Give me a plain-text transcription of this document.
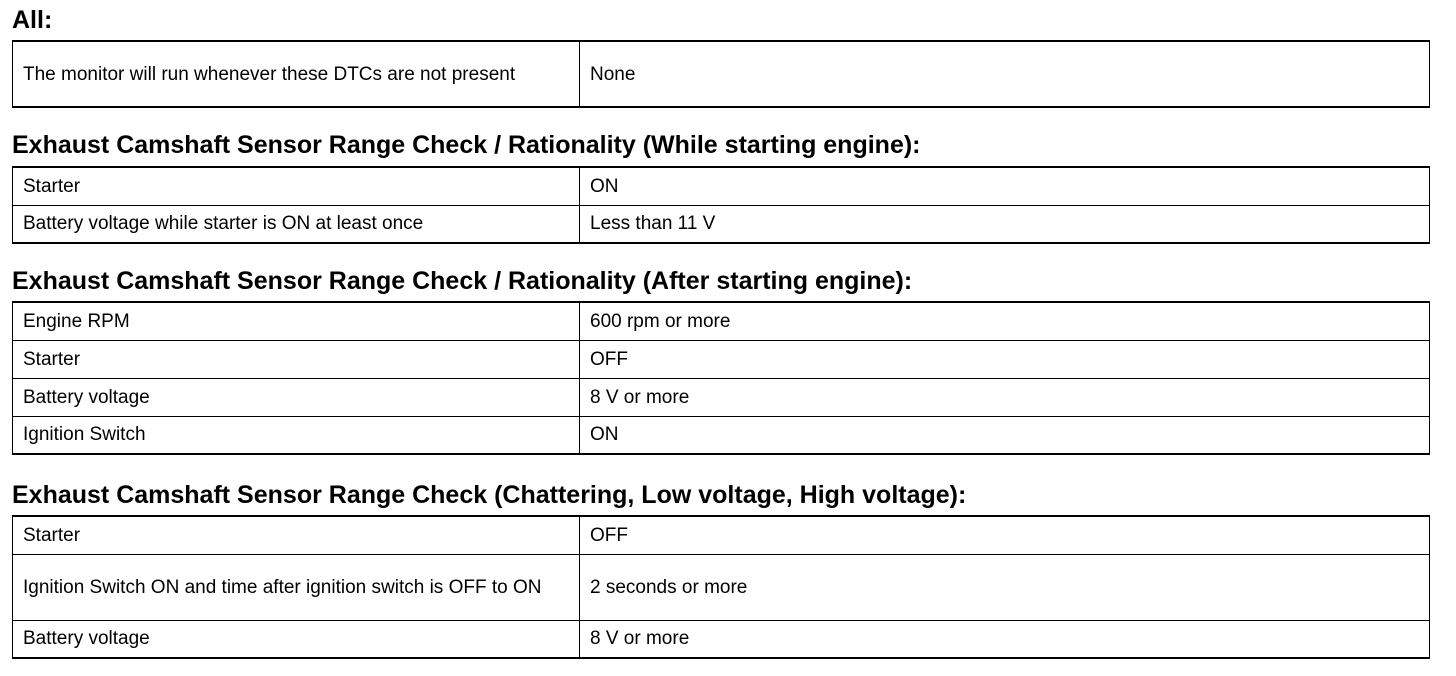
All:
The monitor will run whenever these DTCs are not present	None
Exhaust Camshaft Sensor Range Check / Rationality (While starting engine):
Starter	ON
Battery voltage while starter is ON at least once	Less than 11 V
Exhaust Camshaft Sensor Range Check / Rationality (After starting engine):
Engine RPM	600 rpm or more
Starter	OFF
Battery voltage	8 V or more
Ignition Switch	ON
Exhaust Camshaft Sensor Range Check (Chattering, Low voltage, High voltage):
Starter	OFF
Ignition Switch ON and time after ignition switch is OFF to ON	2 seconds or more
Battery voltage	8 V or more
